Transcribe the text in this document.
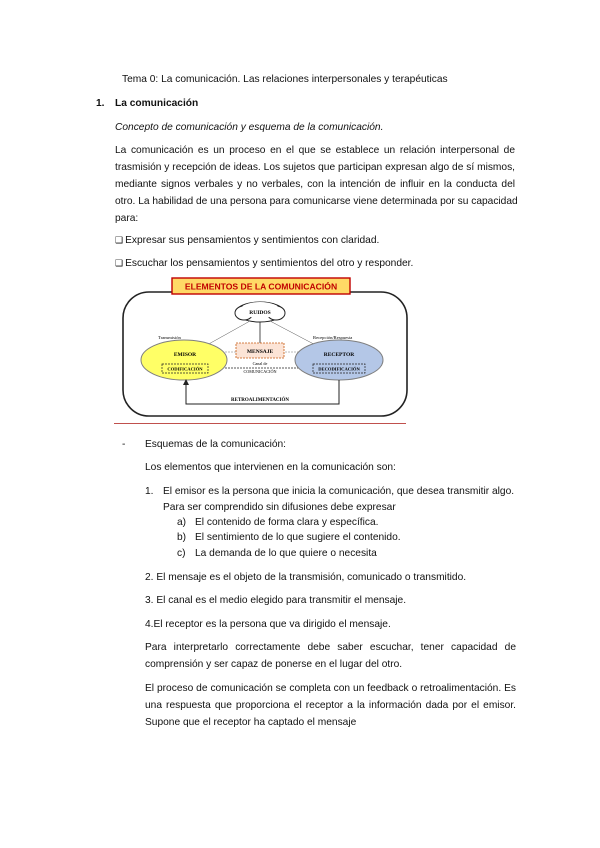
Tema 0: La comunicación. Las relaciones interpersonales y terapéuticas
1. La comunicación
Concepto de comunicación y esquema de la comunicación.
La comunicación es un proceso en el que se establece un relación interpersonal de
trasmisión y recepción de ideas. Los sujetos que participan expresan algo de sí mismos,
mediante signos verbales y no verbales, con la intención de influir en la conducta del
otro. La habilidad de una persona para comunicarse viene determinada por su capacidad
para:
❑ Expresar sus pensamientos y sentimientos con claridad.
❑ Escuchar los pensamientos y sentimientos del otro y responder.
ELEMENTOS DE LA COMUNICACIÓN
RUIDOS
Transmisión
EMISOR
CODIFICACIÓN
MENSAJE
Canal de
COMUNICACIÓN
Recepción/Respuesta
RECEPTOR
DECODIFICACIÓN
RETROALIMENTACIÓN
- Esquemas de la comunicación:
Los elementos que intervienen en la comunicación son:
1. El emisor es la persona que inicia la comunicación, que desea transmitir algo.
Para ser comprendido sin difusiones debe expresar
a) El contenido de forma clara y específica.
b) El sentimiento de lo que sugiere el contenido.
c) La demanda de lo que quiere o necesita
2. El mensaje es el objeto de la transmisión, comunicado o transmitido.
3. El canal es el medio elegido para transmitir el mensaje.
4.El receptor es la persona que va dirigido el mensaje.
Para interpretarlo correctamente debe saber escuchar, tener capacidad de
comprensión y ser capaz de ponerse en el lugar del otro.
El proceso de comunicación se completa con un feedback o retroalimentación. Es
una respuesta que proporciona el receptor a la información dada por el emisor.
Supone que el receptor ha captado el mensaje
